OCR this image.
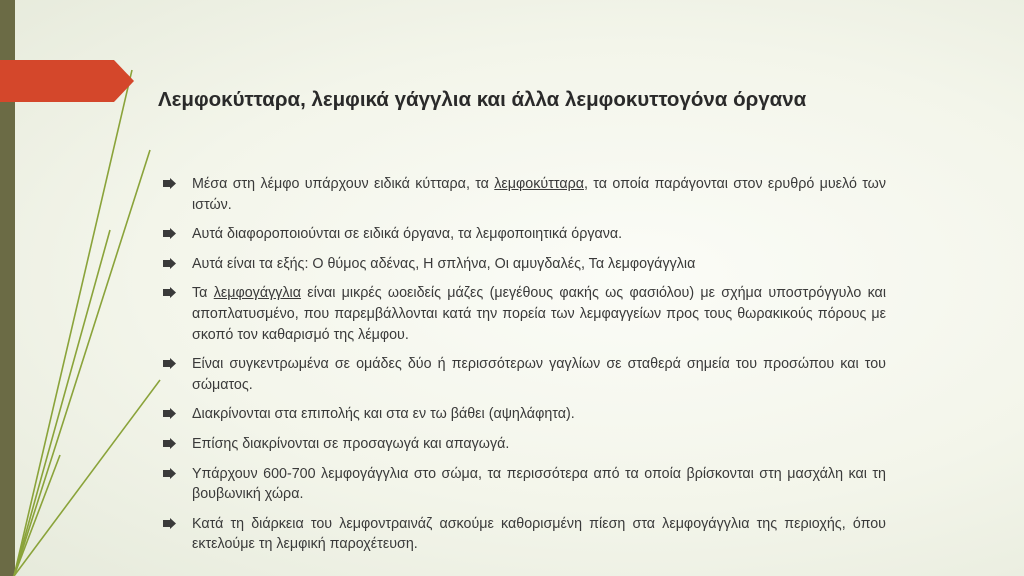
Λεμφοκύτταρα, λεμφικά γάγγλια και άλλα λεμφοκυττογόνα όργανα
Μέσα στη λέμφο υπάρχουν ειδικά κύτταρα, τα λεμφοκύτταρα, τα οποία παράγονται στον ερυθρό μυελό των ιστών.
Αυτά διαφοροποιούνται σε ειδικά όργανα, τα λεμφοποιητικά όργανα.
Αυτά είναι τα εξής: Ο θύμος αδένας, Η σπλήνα, Οι αμυγδαλές, Τα λεμφογάγγλια
Τα λεμφογάγγλια είναι μικρές ωοειδείς μάζες (μεγέθους φακής ως φασιόλου) με σχήμα υποστρόγγυλο και αποπλατυσμένο, που παρεμβάλλονται κατά την πορεία των λεμφαγγείων προς τους θωρακικούς πόρους με σκοπό τον καθαρισμό της λέμφου.
Είναι συγκεντρωμένα σε ομάδες δύο ή περισσότερων γαγλίων σε σταθερά σημεία του προσώπου και του σώματος.
Διακρίνονται στα επιπολής και στα εν τω βάθει (αψηλάφητα).
Επίσης διακρίνονται σε προσαγωγά και απαγωγά.
Υπάρχουν 600-700 λεμφογάγγλια στο σώμα, τα περισσότερα από τα οποία βρίσκονται στη μασχάλη και τη βουβωνική χώρα.
Κατά τη διάρκεια του λεμφοντραινάζ ασκούμε καθορισμένη πίεση στα λεμφογάγγλια της περιοχής, όπου εκτελούμε τη λεμφική παροχέτευση.
